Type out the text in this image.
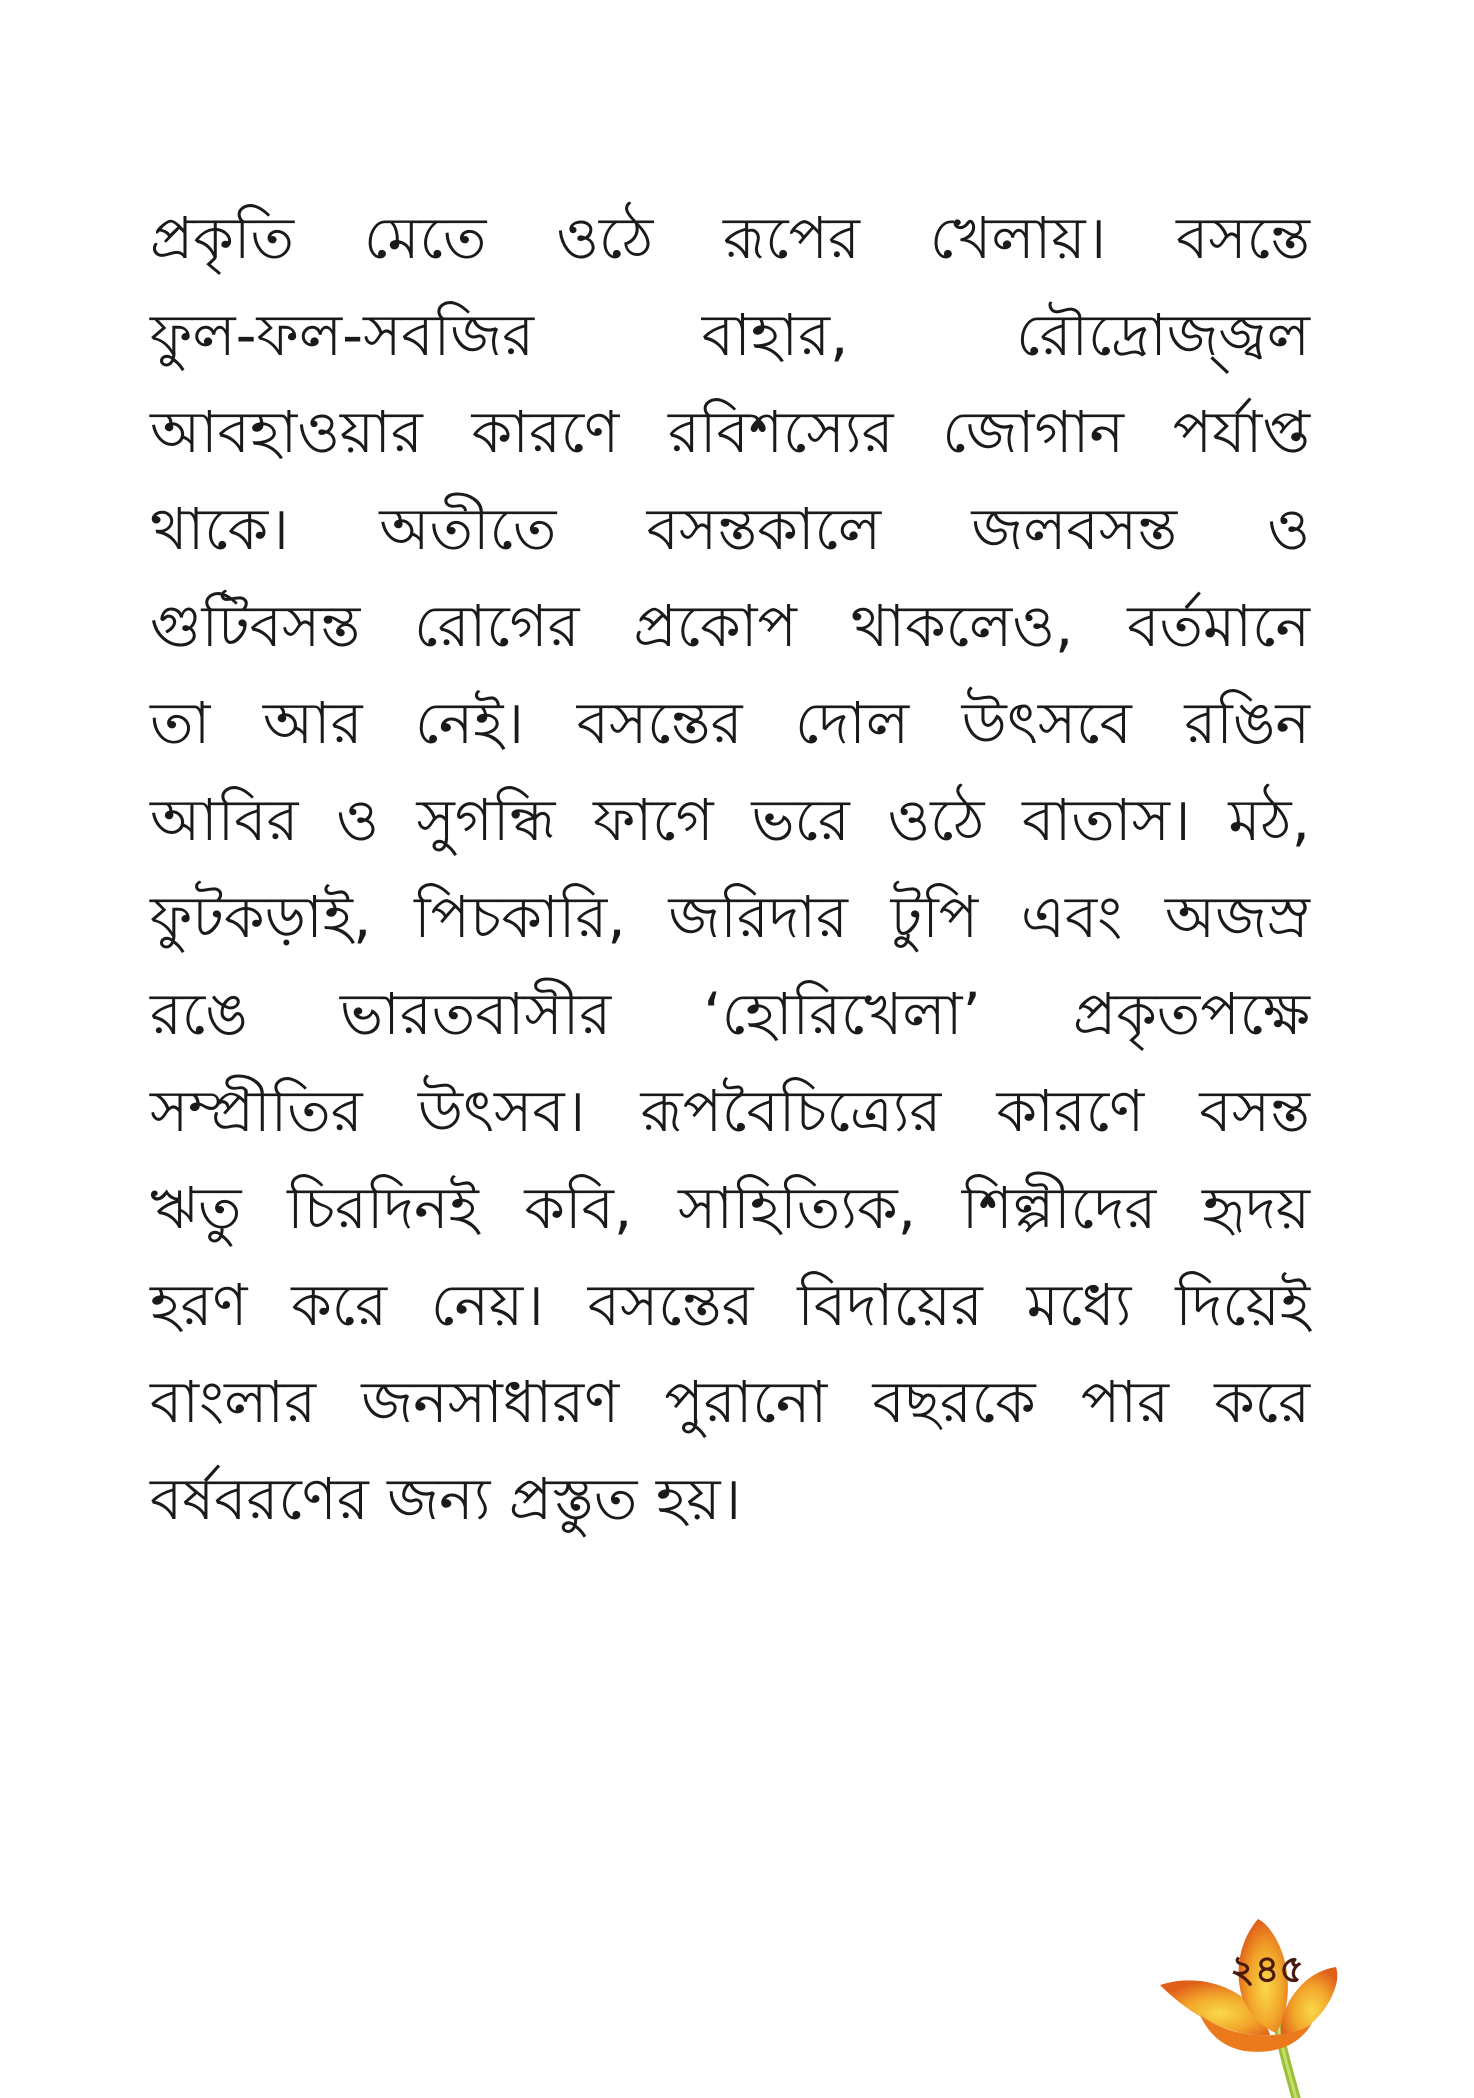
প্রকৃতি মেতে ওঠে রূপের খেলায়। বসন্তে
ফুল-ফল-সবজির বাহার, রৌদ্রোজ্জ্বল
আবহাওয়ার কারণে রবিশস্যের জোগান পর্যাপ্ত
থাকে। অতীতে বসন্তকালে জলবসন্ত ও
গুটিবসন্ত রোগের প্রকোপ থাকলেও, বর্তমানে
তা আর নেই। বসন্তের দোল উৎসবে রঙিন
আবির ও সুগন্ধি ফাগে ভরে ওঠে বাতাস। মঠ,
ফুটকড়াই, পিচকারি, জরিদার টুপি এবং অজস্র
রঙে ভারতবাসীর ‘হোরিখেলা’ প্রকৃতপক্ষে
সম্প্রীতির উৎসব। রূপবৈচিত্র্যের কারণে বসন্ত
ঋতু চিরদিনই কবি, সাহিত্যিক, শিল্পীদের হৃদয়
হরণ করে নেয়। বসন্তের বিদায়ের মধ্যে দিয়েই
বাংলার জনসাধারণ পুরানো বছরকে পার করে
বর্ষবরণের জন্য প্রস্তুত হয়।
২৪৫
